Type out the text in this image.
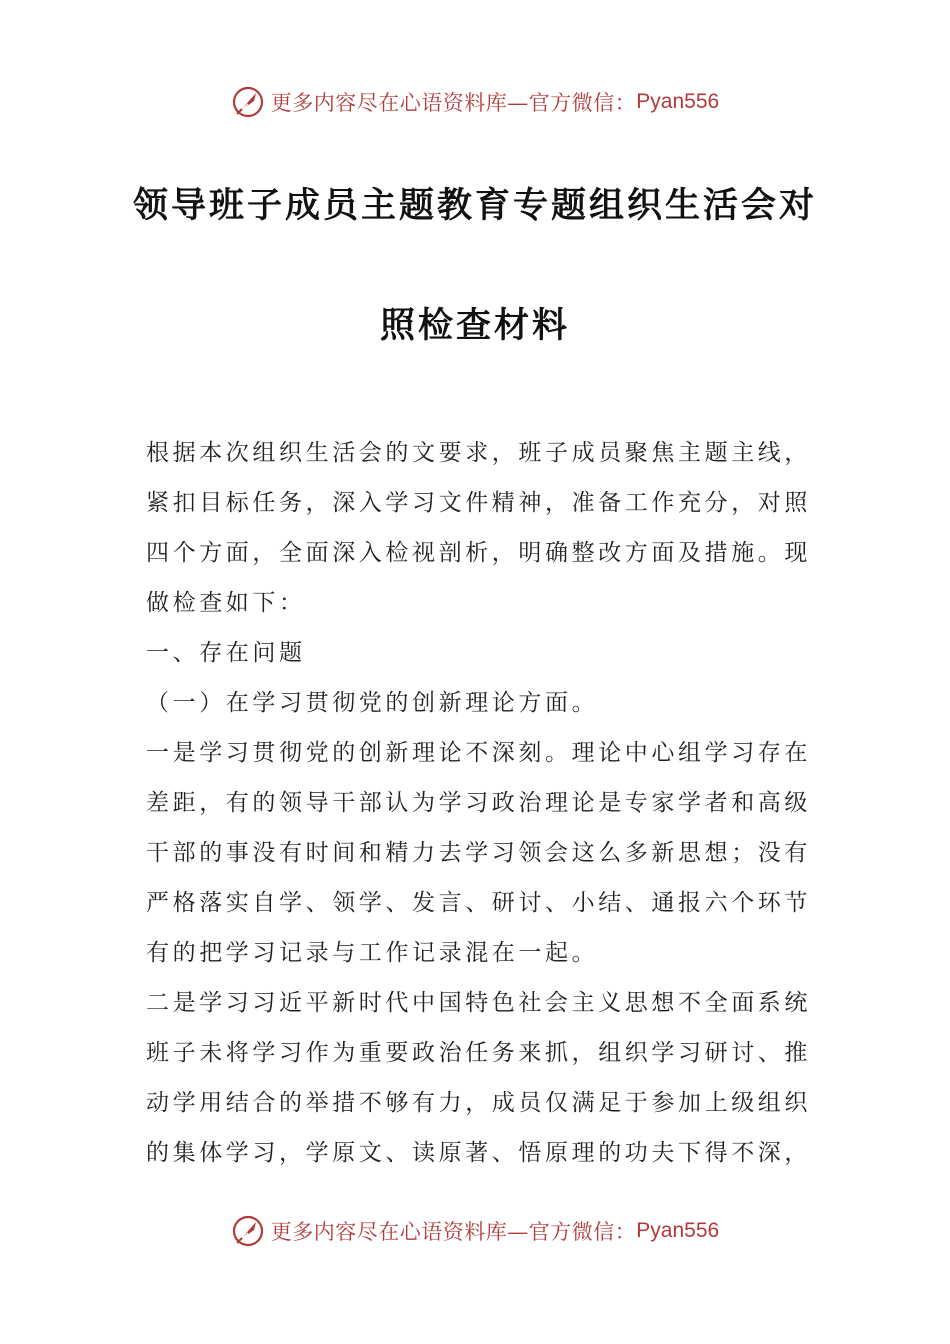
更多内容尽在心语资料库—官方微信： Pyan556
领导班子成员主题教育专题组织生活会对
照检查材料
根据本次组织生活会的文要求，班子成员聚焦主题主线，
紧扣目标任务，深入学习文件精神，准备工作充分，对照
四个方面，全面深入检视剖析，明确整改方面及措施。现
做检查如下：
一、存在问题
（一）在学习贯彻党的创新理论方面。
一是学习贯彻党的创新理论不深刻。理论中心组学习存在
差距，有的领导干部认为学习政治理论是专家学者和高级
干部的事没有时间和精力去学习领会这么多新思想；没有
严格落实自学、领学、发言、研讨、小结、通报六个环节
有的把学习记录与工作记录混在一起。
二是学习习近平新时代中国特色社会主义思想不全面系统
班子未将学习作为重要政治任务来抓，组织学习研讨、推
动学用结合的举措不够有力，成员仅满足于参加上级组织
的集体学习，学原文、读原著、悟原理的功夫下得不深，
更多内容尽在心语资料库—官方微信： Pyan556
